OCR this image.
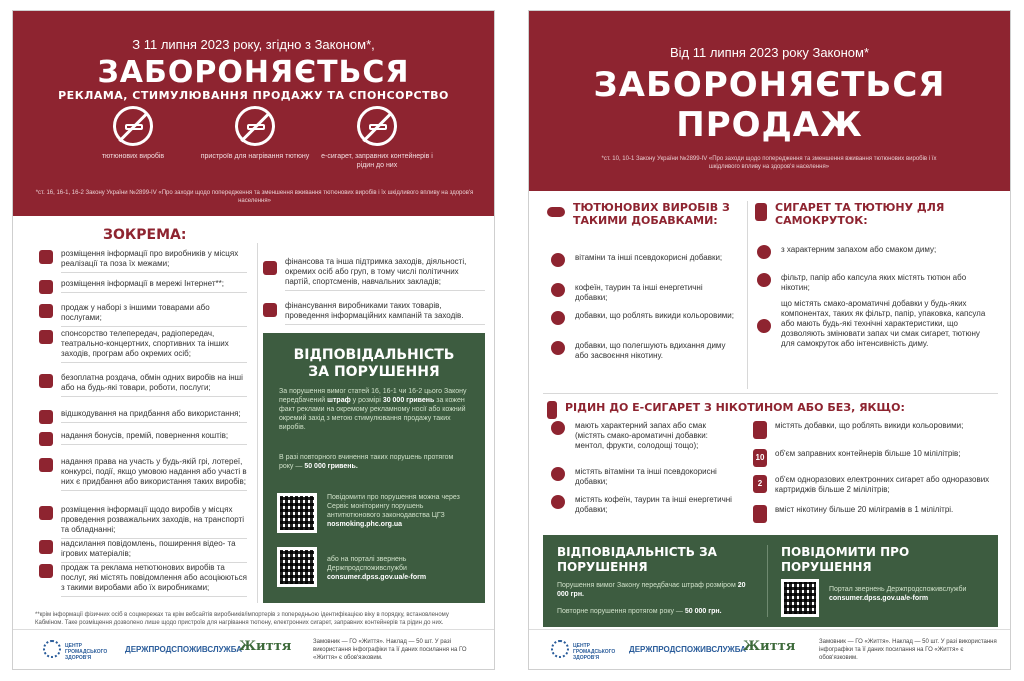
З 11 липня 2023 року, згідно з Законом*,
ЗАБОРОНЯЄТЬСЯ
РЕКЛАМА, СТИМУЛЮВАННЯ ПРОДАЖУ ТА СПОНСОРСТВО
тютюнових виробів	пристроїв для нагрівання тютюну	е-сигарет, заправних контейнерів і рідин до них
*ст. 16, 16-1, 16-2 Закону України №2899-IV «Про заходи щодо попередження та зменшення вживання тютюнових виробів і їх шкідливого впливу на здоров'я населення»
ЗОКРЕМА:
розміщення інформації про виробників у місцях реалізації та поза їх межами;
розміщення інформації в мережі Інтернет**;
продаж у наборі з іншими товарами або послугами;
спонсорство телепередач, радіопередач, театрально-концертних, спортивних та інших заходів, програм або окремих осіб;
безоплатна роздача, обмін одних виробів на інші або на будь-які товари, роботи, послуги;
відшкодування на придбання або використання;
надання бонусів, премій, повернення коштів;
надання права на участь у будь-якій грі, лотереї, конкурсі, події, якщо умовою надання або участі в них є придбання або використання таких виробів;
розміщення інформації щодо виробів у місцях проведення розважальних заходів, на транспорті та обладнанні;
надсилання повідомлень, поширення відео- та ігрових матеріалів;
продаж та реклама нетютюнових виробів та послуг, які містять повідомлення або асоціюються з такими виробами або їх виробниками;
фінансова та інша підтримка заходів, діяльності, окремих осіб або груп, в тому числі політичних партій, спортсменів, навчальних закладів;
фінансування виробниками таких товарів, проведення інформаційних кампаній та заходів.
ВІДПОВІДАЛЬНІСТЬ ЗА ПОРУШЕННЯ
За порушення вимог статей 16, 16-1 чи 16-2 цього Закону передбачений штраф у розмірі 30 000 гривень за кожен факт реклами на окремому рекламному носії або кожний окремий захід з метою стимулювання продажу таких виробів.
В разі повторного вчинення таких порушень протягом року — 50 000 гривень.
Повідомити про порушення можна через Сервіс моніторингу порушень антитютюнового законодавства ЦГЗ nosmoking.phc.org.ua
або на порталі звернень Держпродспоживслужби consumer.dpss.gov.ua/e-form
**крім інформації фізичних осіб в соцмережах та крім вебсайтів виробників/імпортерів з попередньою ідентифікацією віку в порядку, встановленому Кабміном. Таке розміщення дозволено лише щодо пристроїв для нагрівання тютюну, електронних сигарет, заправних контейнерів та рідин до них.
ЦЕНТР ГРОМАДСЬКОГО ЗДОРОВ'Я
ДЕРЖПРОДСПОЖИВСЛУЖБА
Життя	Замовник — ГО «Життя». Наклад — 50 шт. У разі використання інфографіки та її даних посилання на ГО «Життя» є обов'язковим.
Від 11 липня 2023 року Законом*
ЗАБОРОНЯЄТЬСЯ
ПРОДАЖ
*ст. 10, 10-1 Закону України №2899-IV «Про заходи щодо попередження та зменшення вживання тютюнових виробів і їх шкідливого впливу на здоров'я населення»
ТЮТЮНОВИХ ВИРОБІВ З ТАКИМИ ДОБАВКАМИ:
вітаміни та інші псевдокорисні добавки;
кофеїн, таурин та інші енергетичні добавки;
добавки, що роблять викиди кольоровими;
добавки, що полегшують вдихання диму або засвоєння нікотину.
СИГАРЕТ ТА ТЮТЮНУ ДЛЯ САМОКРУТОК:
з характерним запахом або смаком диму;
фільтр, папір або капсула яких містять тютюн або нікотин;
що містять смако-ароматичні добавки у будь-яких компонентах, таких як фільтр, папір, упаковка, капсула або мають будь-які технічні характеристики, що дозволяють змінювати запах чи смак сигарет, тютюну для самокруток або інтенсивність диму.
РІДИН ДО Е-СИГАРЕТ З НІКОТИНОМ АБО БЕЗ, ЯКЩО:
мають характерний запах або смак (містять смако-ароматичні добавки: ментол, фрукти, солодощі тощо);
містять вітаміни та інші псевдокорисні добавки;
містять кофеїн, таурин та інші енергетичні добавки;
містять добавки, що роблять викиди кольоровими;
10	об'єм заправних контейнерів більше 10 мілілітрів;
2	об'єм одноразових електронних сигарет або одноразових картриджів більше 2 мілілітрів;
вміст нікотину більше 20 міліграмів в 1 мілілітрі.
ВІДПОВІДАЛЬНІСТЬ ЗА ПОРУШЕННЯ
Порушення вимог Закону передбачає штраф розміром 20 000 грн.
Повторне порушення протягом року — 50 000 грн.
ПОВІДОМИТИ ПРО ПОРУШЕННЯ
Портал звернень Держпродспоживслужби
consumer.dpss.gov.ua/e-form
ЦЕНТР ГРОМАДСЬКОГО ЗДОРОВ'Я
ДЕРЖПРОДСПОЖИВСЛУЖБА
Життя	Замовник — ГО «Життя». Наклад — 50 шт. У разі використання інфографіки та її даних посилання на ГО «Життя» є обов'язковим.
